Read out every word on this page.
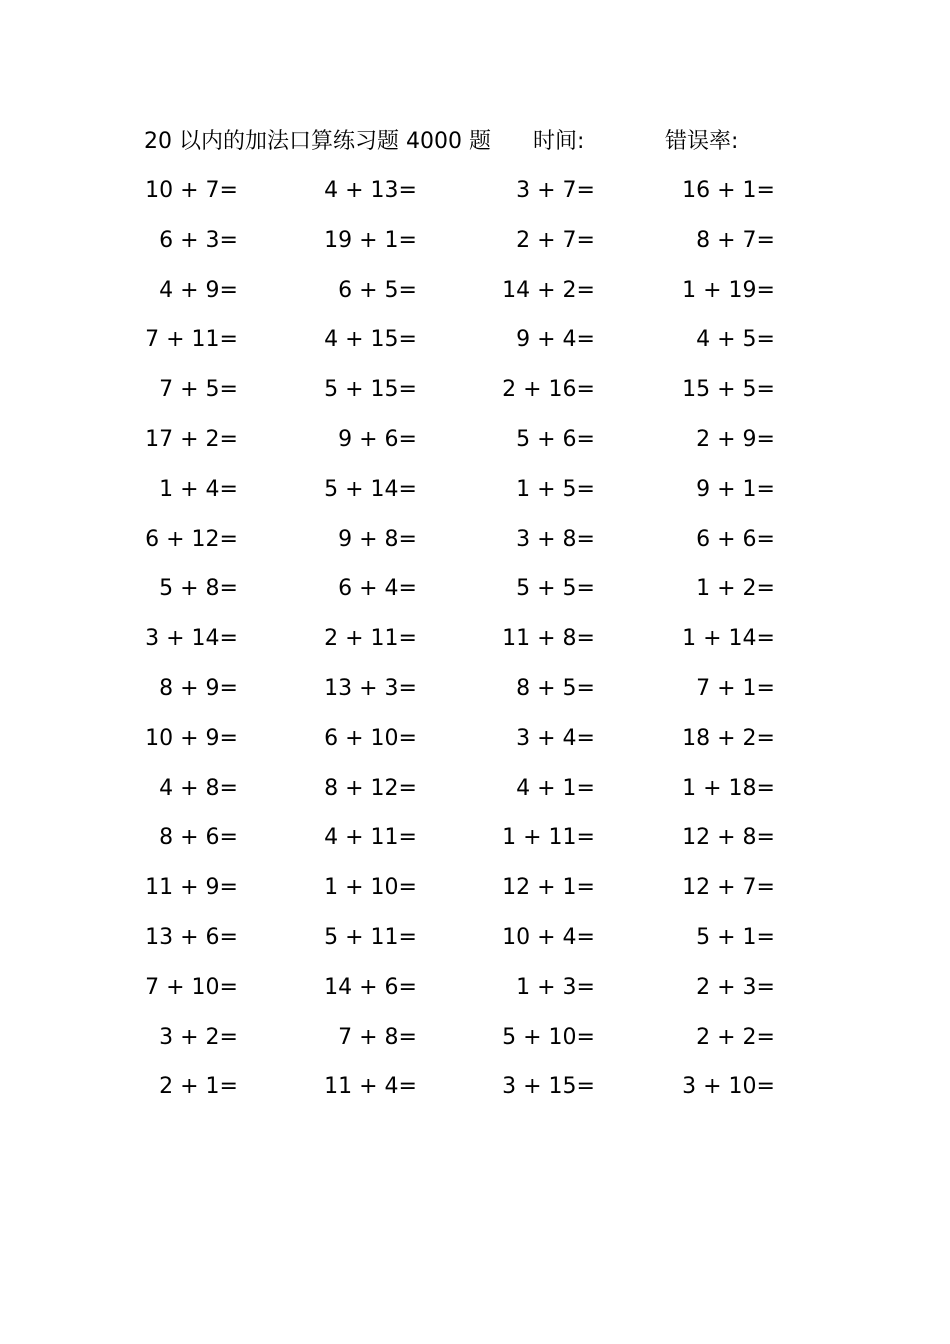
20 以内的加法口算练习题 4000 题 时间:	错误率:
10 + 7=	4 + 13=	3 + 7=	16 + 1=
6 + 3=	19 + 1=	2 + 7=	8 + 7=
4 + 9=	6 + 5=	14 + 2=	1 + 19=
7 + 11=	4 + 15=	9 + 4=	4 + 5=
7 + 5=	5 + 15=	2 + 16=	15 + 5=
17 + 2=	9 + 6=	5 + 6=	2 + 9=
1 + 4=	5 + 14=	1 + 5=	9 + 1=
6 + 12=	9 + 8=	3 + 8=	6 + 6=
5 + 8=	6 + 4=	5 + 5=	1 + 2=
3 + 14=	2 + 11=	11 + 8=	1 + 14=
8 + 9=	13 + 3=	8 + 5=	7 + 1=
10 + 9=	6 + 10=	3 + 4=	18 + 2=
4 + 8=	8 + 12=	4 + 1=	1 + 18=
8 + 6=	4 + 11=	1 + 11=	12 + 8=
11 + 9=	1 + 10=	12 + 1=	12 + 7=
13 + 6=	5 + 11=	10 + 4=	5 + 1=
7 + 10=	14 + 6=	1 + 3=	2 + 3=
3 + 2=	7 + 8=	5 + 10=	2 + 2=
2 + 1=	11 + 4=	3 + 15=	3 + 10=
